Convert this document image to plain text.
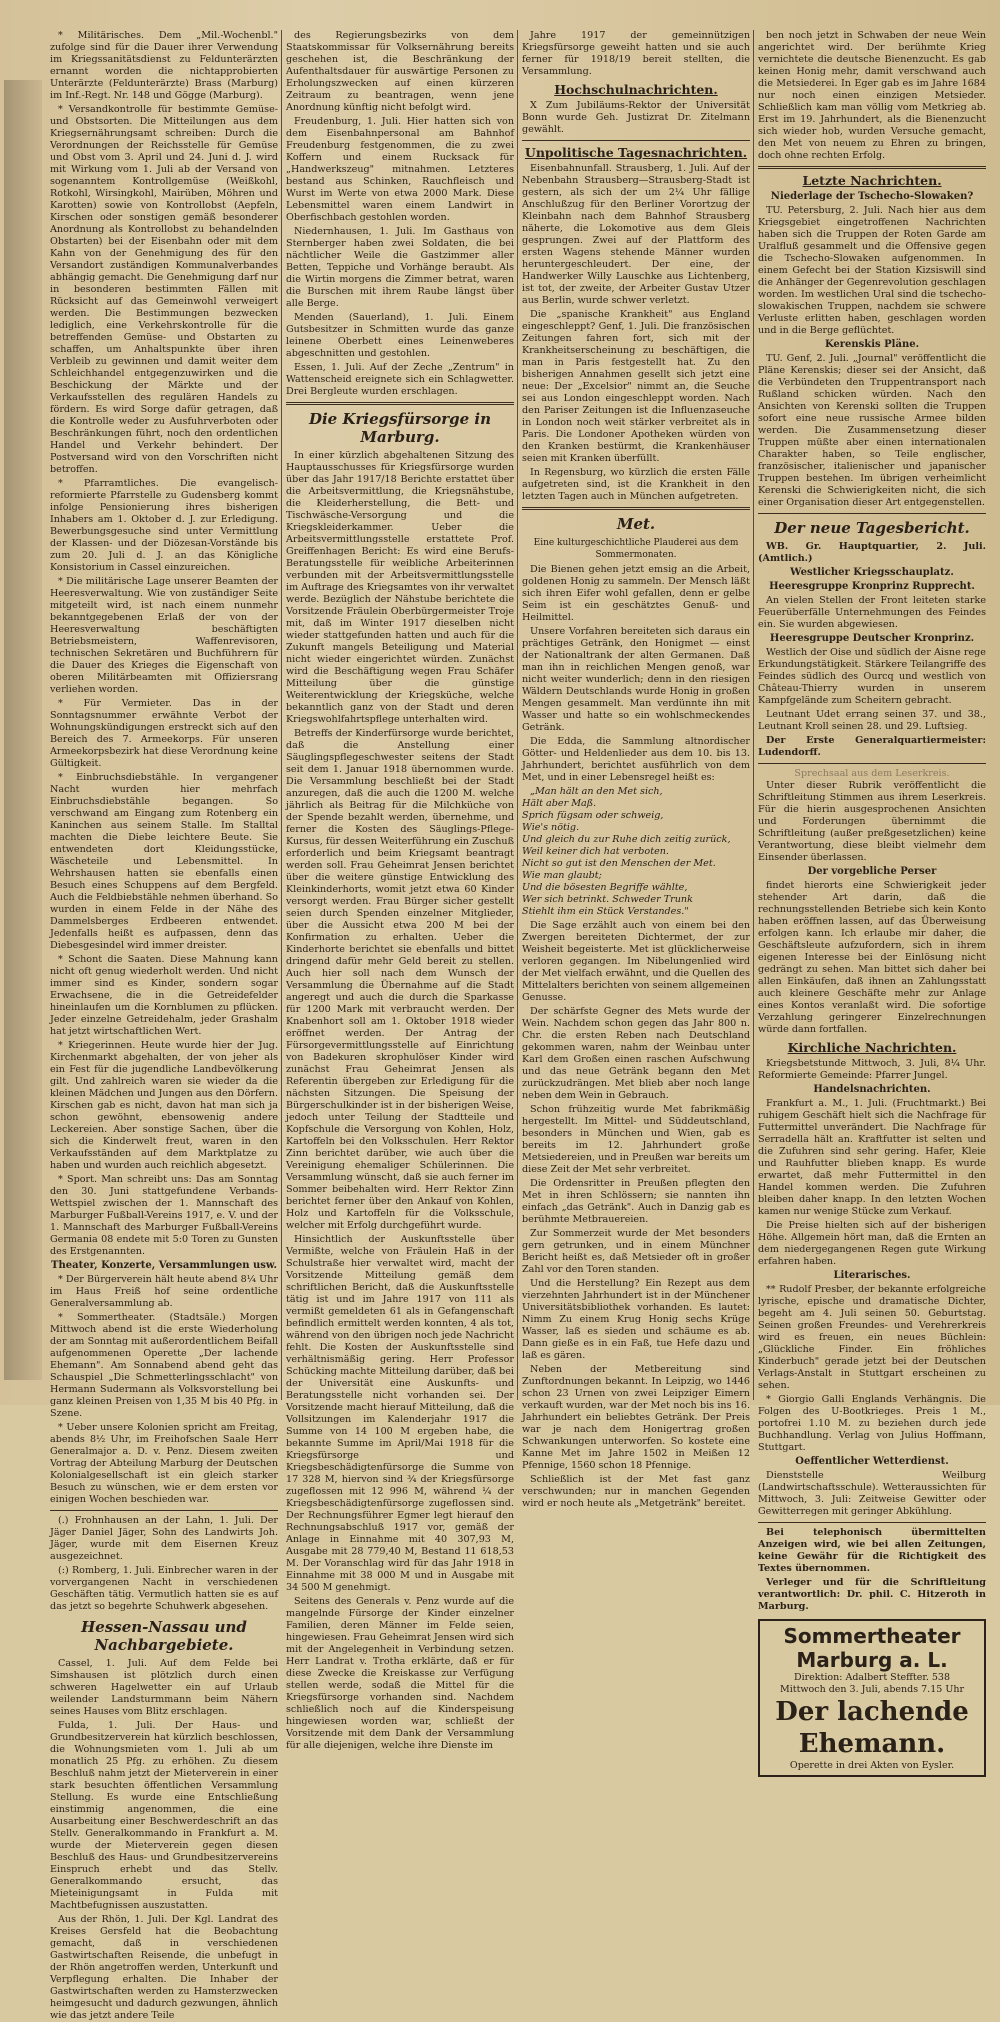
* Militärisches. Dem „Mil.-Wochenbl." zufolge sind für die Dauer ihrer Verwendung im Kriegssanitätsdienst zu Feldunterärzten ernannt worden die nichtapprobierten Unterärzte (Feldunterärzte) Brass (Marburg) im Inf.-Regt. Nr. 148 und Gögge (Marburg).

* Versandkontrolle für bestimmte Gemüse- und Obstsorten. Die Mitteilungen aus dem Kriegsernährungsamt schreiben: Durch die Verordnungen der Reichsstelle für Gemüse und Obst vom 3. April und 24. Juni d. J. wird mit Wirkung vom 1. Juli ab der Versand von sogenanntem Kontrollgemüse (Weißkohl, Rotkohl, Wirsingkohl, Mairüben, Möhren und Karotten) sowie von Kontrollobst (Aepfeln, Kirschen oder sonstigen gemäß besonderer Anordnung als Kontrollobst zu behandelnden Obstarten) bei der Eisenbahn oder mit dem Kahn von der Genehmigung des für den Versandort zuständigen Kommunalverbandes abhängig gemacht. Die Genehmigung darf nur in besonderen bestimmten Fällen mit Rücksicht auf das Gemeinwohl verweigert werden. Die Bestimmungen bezwecken lediglich, eine Verkehrskontrolle für die betreffenden Gemüse- und Obstarten zu schaffen, um Anhaltspunkte über ihren Verbleib zu gewinnen und damit weiter dem Schleichhandel entgegenzuwirken und die Beschickung der Märkte und der Verkaufsstellen des regulären Handels zu fördern. Es wird Sorge dafür getragen, daß die Kontrolle weder zu Ausfuhrverboten oder Beschränkungen führt, noch den ordentlichen Handel und Verkehr behindert. Der Postversand wird von den Vorschriften nicht betroffen.

* Pfarramtliches. Die evangelisch-reformierte Pfarrstelle zu Gudensberg kommt infolge Pensionierung ihres bisherigen Inhabers am 1. Oktober d. J. zur Erledigung. Bewerbungsgesuche sind unter Vermittlung der Klassen- und der Diözesan-Vorstände bis zum 20. Juli d. J. an das Königliche Konsistorium in Cassel einzureichen.

* Die militärische Lage unserer Beamten der Heeresverwaltung. Wie von zuständiger Seite mitgeteilt wird, ist nach einem nunmehr bekanntgegebenen Erlaß der von der Heeresverwaltung beschäftigten Betriebsmeistern, Waffenrevisoren, technischen Sekretären und Buchführern für die Dauer des Krieges die Eigenschaft von oberen Militärbeamten mit Offiziersrang verliehen worden.

* Für Vermieter. Das in der Sonntagsnummer erwähnte Verbot der Wohnungskündigungen erstreckt sich auf den Bereich des 7. Armeekorps. Für unseren Armeekorpsbezirk hat diese Verordnung keine Gültigkeit.

* Einbruchsdiebstähle. In vergangener Nacht wurden hier mehrfach Einbruchsdiebstähle begangen. So verschwand am Eingang zum Rotenberg ein Kaninchen aus seinem Stalle. Im Stalltal machten die Diebe leichtere Beute. Sie entwendeten dort Kleidungsstücke, Wäscheteile und Lebensmittel. In Wehrshausen hatten sie ebenfalls einen Besuch eines Schuppens auf dem Bergfeld. Auch die Feldbiebstähle nehmen überhand. So wurden in einem Felde in der Nähe des Dammelsberges Erdbeeren entwendet. Jedenfalls heißt es aufpassen, denn das Diebesgesindel wird immer dreister.

* Schont die Saaten. Diese Mahnung kann nicht oft genug wiederholt werden. Und nicht immer sind es Kinder, sondern sogar Erwachsene, die in die Getreidefelder hineinlaufen um die Kornblumen zu pflücken. Jeder einzelne Getreidehalm, jeder Grashalm hat jetzt wirtschaftlichen Wert.

* Kriegerinnen. Heute wurde hier der Jug. Kirchenmarkt abgehalten, der von jeher als ein Fest für die jugendliche Landbevölkerung gilt. Und zahlreich waren sie wieder da die kleinen Mädchen und Jungen aus den Dörfern. Kirschen gab es nicht, davon hat man sich ja schon gewöhnt, ebensowenig andere Leckereien. Aber sonstige Sachen, über die sich die Kinderwelt freut, waren in den Verkaufsständen auf dem Marktplatze zu haben und wurden auch reichlich abgesetzt.

* Sport. Man schreibt uns: Das am Sonntag den 30. Juni stattgefundene Verbands-Wettspiel zwischen der 1. Mannschaft des Marburger Fußball-Vereins 1917, e. V. und der 1. Mannschaft des Marburger Fußball-Vereins Germania 08 endete mit 5:0 Toren zu Gunsten des Erstgenannten.

Theater, Konzerte, Versammlungen usw.

* Der Bürgerverein hält heute abend 8¼ Uhr im Haus Freiß hof seine ordentliche Generalversammlung ab.

* Sommertheater. (Stadtsäle.) Morgen Mittwoch abend ist die erste Wiederholung der am Sonntag mit außerordentlichem Beifall aufgenommenen Operette „Der lachende Ehemann". Am Sonnabend abend geht das Schauspiel „Die Schmetterlingsschlacht" von Hermann Sudermann als Volksvorstellung bei ganz kleinen Preisen von 1,35 M bis 40 Pfg. in Szene.

* Ueber unsere Kolonien spricht am Freitag, abends 8½ Uhr, im Freihofschen Saale Herr Generalmajor a. D. v. Penz. Diesem zweiten Vortrag der Abteilung Marburg der Deutschen Kolonialgesellschaft ist ein gleich starker Besuch zu wünschen, wie er dem ersten vor einigen Wochen beschieden war.

(.) Frohnhausen an der Lahn, 1. Juli. Der Jäger Daniel Jäger, Sohn des Landwirts Joh. Jäger, wurde mit dem Eisernen Kreuz ausgezeichnet.

(:) Romberg, 1. Juli. Einbrecher waren in der vorvergangenen Nacht in verschiedenen Geschäften tätig. Vermutlich hatten sie es auf das jetzt so begehrte Schuhwerk abgesehen.

Hessen-Nassau und Nachbargebiete.

Cassel, 1. Juli. Auf dem Felde bei Simshausen ist plötzlich durch einen schweren Hagelwetter ein auf Urlaub weilender Landsturmmann beim Nähern seines Hauses vom Blitz erschlagen.

Fulda, 1. Juli. Der Haus- und Grundbesitzerverein hat kürzlich beschlossen, die Wohnungsmieten vom 1. Juli ab um monatlich 25 Pfg. zu erhöhen. Zu diesem Beschluß nahm jetzt der Mieterverein in einer stark besuchten öffentlichen Versammlung Stellung. Es wurde eine Entschließung einstimmig angenommen, die eine Ausarbeitung einer Beschwerdeschrift an das Stellv. Generalkommando in Frankfurt a. M. wurde der Mieterverein gegen diesen Beschluß des Haus- und Grundbesitzervereins Einspruch erhebt und das Stellv. Generalkommando ersucht, das Mieteinigungsamt in Fulda mit Machtbefugnissen auszustatten.

Aus der Rhön, 1. Juli. Der Kgl. Landrat des Kreises Gersfeld hat die Beobachtung gemacht, daß in verschiedenen Gastwirtschaften Reisende, die unbefugt in der Rhön angetroffen werden, Unterkunft und Verpflegung erhalten. Die Inhaber der Gastwirtschaften werden zu Hamsterzwecken heimgesucht und dadurch gezwungen, ähnlich wie das jetzt andere Teile

des Regierungsbezirks von dem Staatskommissar für Volksernährung bereits geschehen ist, die Beschränkung der Aufenthaltsdauer für auswärtige Personen zu Erholungszwecken auf einen kürzeren Zeitraum zu beantragen, wenn jene Anordnung künftig nicht befolgt wird.

Freudenburg, 1. Juli. Hier hatten sich von dem Eisenbahnpersonal am Bahnhof Freudenburg festgenommen, die zu zwei Koffern und einem Rucksack für „Handwerkszeug" mitnahmen. Letzteres bestand aus Schinken, Rauchfleisch und Wurst im Werte von etwa 2000 Mark. Diese Lebensmittel waren einem Landwirt in Oberfischbach gestohlen worden.

Niedernhausen, 1. Juli. Im Gasthaus von Sternberger haben zwei Soldaten, die bei nächtlicher Weile die Gastzimmer aller Betten, Teppiche und Vorhänge beraubt. Als die Wirtin morgens die Zimmer betrat, waren die Burschen mit ihrem Raube längst über alle Berge.

Menden (Sauerland), 1. Juli. Einem Gutsbesitzer in Schmitten wurde das ganze leinene Oberbett eines Leinenweberes abgeschnitten und gestohlen.

Essen, 1. Juli. Auf der Zeche „Zentrum" in Wattenscheid ereignete sich ein Schlagwetter. Drei Bergleute wurden erschlagen.

Die Kriegsfürsorge in Marburg.

In einer kürzlich abgehaltenen Sitzung des Hauptausschusses für Kriegsfürsorge wurden über das Jahr 1917/18 Berichte erstattet über die Arbeitsvermittlung, die Kriegsnähstube, die Kleiderherstellung, die Bett- und Tischwäsche-Versorgung und die Kriegskleiderkammer. Ueber die Arbeitsvermittlungsstelle erstattete Prof. Greiffenhagen Bericht: Es wird eine Berufs-Beratungsstelle für weibliche Arbeiterinnen verbunden mit der Arbeitsvermittlungsstelle im Auftrage des Kriegsamtes von ihr verwaltet werde. Bezüglich der Nähstube berichtete die Vorsitzende Fräulein Oberbürgermeister Troje mit, daß im Winter 1917 dieselben nicht wieder stattgefunden hatten und auch für die Zukunft mangels Beteiligung und Material nicht wieder eingerichtet würden. Zunächst wird die Beschäftigung wegen Frau Schäfer Mitteilung über die günstige Weiterentwicklung der Kriegsküche, welche bekanntlich ganz von der Stadt und deren Kriegswohlfahrtspflege unterhalten wird.

Betreffs der Kinderfürsorge wurde berichtet, daß die Anstellung einer Säuglingspflegeschwester seitens der Stadt seit dem 1. Januar 1918 übernommen wurde. Die Versammlung beschließt bei der Stadt anzuregen, daß die auch die 1200 M. welche jährlich als Beitrag für die Milchküche von der Spende bezahlt werden, übernehme, und ferner die Kosten des Säuglings-Pflege-Kursus, für dessen Weiterführung ein Zuschuß erforderlich und beim Kriegsamt beantragt werden soll. Frau Geheimrat Jensen berichtet über die weitere günstige Entwicklung des Kleinkinderhorts, womit jetzt etwa 60 Kinder versorgt werden. Frau Bürger sicher gestellt seien durch Spenden einzelner Mitglieder, über die Aussicht etwa 200 M bei der Konfirmation zu erhalten. Ueber die Kinderhorte berichtet sie ebenfalls und bittet dringend dafür mehr Geld bereit zu stellen. Auch hier soll nach dem Wunsch der Versammlung die Übernahme auf die Stadt angeregt und auch die durch die Sparkasse für 1200 Mark mit verbraucht werden. Der Knabenhort soll am 1. Oktober 1918 wieder eröffnet werden. Der Antrag der Fürsorgevermittlungsstelle auf Einrichtung von Badekuren skrophulöser Kinder wird zunächst Frau Geheimrat Jensen als Referentin übergeben zur Erledigung für die nächsten Sitzungen. Die Speisung der Bürgerschulkinder ist in der bisherigen Weise, jedoch unter Teilung der Stadtteile und Kopfschule die Versorgung von Kohlen, Holz, Kartoffeln bei den Volksschulen. Herr Rektor Zinn berichtet darüber, wie auch über die Vereinigung ehemaliger Schülerinnen. Die Versammlung wünscht, daß sie auch ferner im Sommer beibehalten wird. Herr Rektor Zinn berichtet ferner über den Ankauf von Kohlen, Holz und Kartoffeln für die Volksschule, welcher mit Erfolg durchgeführt wurde.

Hinsichtlich der Auskunftsstelle über Vermißte, welche von Fräulein Haß in der Schulstraße hier verwaltet wird, macht der Vorsitzende Mitteilung gemäß dem schriftlichen Bericht, daß die Auskunftsstelle tätig ist und im Jahre 1917 von 111 als vermißt gemeldeten 61 als in Gefangenschaft befindlich ermittelt werden konnten, 4 als tot, während von den übrigen noch jede Nachricht fehlt. Die Kosten der Auskunftsstelle sind verhältnismäßig gering. Herr Professor Schücking machte Mitteilung darüber, daß bei der Universität eine Auskunfts- und Beratungsstelle nicht vorhanden sei. Der Vorsitzende macht hierauf Mitteilung, daß die Vollsitzungen im Kalenderjahr 1917 die Summe von 14 100 M ergeben habe, die bekannte Summe im April/Mai 1918 für die Kriegsfürsorge und Kriegsbeschädigtenfürsorge die Summe von 17 328 M, hiervon sind ¾ der Kriegsfürsorge zugeflossen mit 12 996 M, während ¼ der Kriegsbeschädigtenfürsorge zugeflossen sind. Der Rechnungsführer Egmer legt hierauf den Rechnungsabschluß 1917 vor, gemäß der Anlage in Einnahme mit 40 307,93 M, Ausgabe mit 28 779,40 M, Bestand 11 618,53 M. Der Voranschlag wird für das Jahr 1918 in Einnahme mit 38 000 M und in Ausgabe mit 34 500 M genehmigt.

Seitens des Generals v. Penz wurde auf die mangelnde Fürsorge der Kinder einzelner Familien, deren Männer im Felde seien, hingewiesen. Frau Geheimrat Jensen wird sich mit der Angelegenheit in Verbindung setzen. Herr Landrat v. Trotha erklärte, daß er für diese Zwecke die Kreiskasse zur Verfügung stellen werde, sodaß die Mittel für die Kriegsfürsorge vorhanden sind. Nachdem schließlich noch auf die Kinderspeisung hingewiesen worden war, schließt der Vorsitzende mit dem Dank der Versammlung für alle diejenigen, welche ihre Dienste im

Jahre 1917 der gemeinnützigen Kriegsfürsorge geweiht hatten und sie auch ferner für 1918/19 bereit stellten, die Versammlung.

Hochschulnachrichten.

X Zum Jubiläums-Rektor der Universität Bonn wurde Geh. Justizrat Dr. Zitelmann gewählt.

Unpolitische Tagesnachrichten.

Eisenbahnunfall. Strausberg, 1. Juli. Auf der Nebenbahn Strausberg—Strausberg-Stadt ist gestern, als sich der um 2¼ Uhr fällige Anschlußzug für den Berliner Vorortzug der Kleinbahn nach dem Bahnhof Strausberg näherte, die Lokomotive aus dem Gleis gesprungen. Zwei auf der Plattform des ersten Wagens stehende Männer wurden heruntergeschleudert. Der eine, der Handwerker Willy Lauschke aus Lichtenberg, ist tot, der zweite, der Arbeiter Gustav Utzer aus Berlin, wurde schwer verletzt.

Die „spanische Krankheit" aus England eingeschleppt? Genf, 1. Juli. Die französischen Zeitungen fahren fort, sich mit der Krankheitserscheinung zu beschäftigen, die man in Paris festgestellt hat. Zu den bisherigen Annahmen gesellt sich jetzt eine neue: Der „Excelsior" nimmt an, die Seuche sei aus London eingeschleppt worden. Nach den Pariser Zeitungen ist die Influenzaseuche in London noch weit stärker verbreitet als in Paris. Die Londoner Apotheken würden von den Kranken bestürmt, die Krankenhäuser seien mit Kranken überfüllt.

In Regensburg, wo kürzlich die ersten Fälle aufgetreten sind, ist die Krankheit in den letzten Tagen auch in München aufgetreten.

Met.
Eine kulturgeschichtliche Plauderei aus dem Sommermonaten.

Die Bienen gehen jetzt emsig an die Arbeit, goldenen Honig zu sammeln. Der Mensch läßt sich ihren Eifer wohl gefallen, denn er gelbe Seim ist ein geschätztes Genuß- und Heilmittel.

Unsere Vorfahren bereiteten sich daraus ein prächtiges Getränk, den Honigmet — einst der Nationaltrank der alten Germanen. Daß man ihn in reichlichen Mengen genoß, war nicht weiter wunderlich; denn in den riesigen Wäldern Deutschlands wurde Honig in großen Mengen gesammelt. Man verdünnte ihn mit Wasser und hatte so ein wohlschmeckendes Getränk.

Die Edda, die Sammlung altnordischer Götter- und Heldenlieder aus dem 10. bis 13. Jahrhundert, berichtet ausführlich von dem Met, und in einer Lebensregel heißt es:

„Man hält an den Met sich,
Hält aber Maß.
Sprich fügsam oder schweig,
Wie's nötig.
Und gleich du zur Ruhe dich zeitig zurück,
Weil keiner dich hat verboten.
Nicht so gut ist den Menschen der Met.
Wie man glaubt;
Und die bösesten Begriffe wählte,
Wer sich betrinkt. Schweder Trunk
Stiehlt ihm ein Stück Verstandes."

Die Sage erzählt auch von einem bei den Zwergen bereiteten Dichtermet, der zur Weisheit begeisterte. Met ist glücklicherweise verloren gegangen. Im Nibelungenlied wird der Met vielfach erwähnt, und die Quellen des Mittelalters berichten von seinem allgemeinen Genusse.

Der schärfste Gegner des Mets wurde der Wein. Nachdem schon gegen das Jahr 800 n. Chr. die ersten Reben nach Deutschland gekommen waren, nahm der Weinbau unter Karl dem Großen einen raschen Aufschwung und das neue Getränk begann den Met zurückzudrängen. Met blieb aber noch lange neben dem Wein in Gebrauch.

Schon frühzeitig wurde Met fabrikmäßig hergestellt. Im Mittel- und Süddeutschland, besonders in München und Wien, gab es bereits im 12. Jahrhundert große Metsiedereien, und in Preußen war bereits um diese Zeit der Met sehr verbreitet.

Die Ordensritter in Preußen pflegten den Met in ihren Schlössern; sie nannten ihn einfach „das Getränk". Auch in Danzig gab es berühmte Metbrauereien.

Zur Sommerzeit wurde der Met besonders gern getrunken, und in einem Münchner Bericht heißt es, daß Metsieder oft in großer Zahl vor den Toren standen.

Und die Herstellung? Ein Rezept aus dem vierzehnten Jahrhundert ist in der Münchener Universitätsbibliothek vorhanden. Es lautet: Nimm Zu einem Krug Honig sechs Krüge Wasser, laß es sieden und schäume es ab. Dann gieße es in ein Faß, tue Hefe dazu und laß es gären.

Neben der Metbereitung sind Zunftordnungen bekannt. In Leipzig, wo 1446 schon 23 Urnen von zwei Leipziger Eimern verkauft wurden, war der Met noch bis ins 16. Jahrhundert ein beliebtes Getränk. Der Preis war je nach dem Honigertrag großen Schwankungen unterworfen. So kostete eine Kanne Met im Jahre 1502 in Meißen 12 Pfennige, 1560 schon 18 Pfennige.

Schließlich ist der Met fast ganz verschwunden; nur in manchen Gegenden wird er noch heute als „Metgetränk" bereitet.

ben noch jetzt in Schwaben der neue Wein angerichtet wird. Der berühmte Krieg vernichtete die deutsche Bienenzucht. Es gab keinen Honig mehr, damit verschwand auch die Metsiederei. In Eger gab es im Jahre 1684 nur noch einen einzigen Metsieder. Schließlich kam man völlig vom Metkrieg ab. Erst im 19. Jahrhundert, als die Bienenzucht sich wieder hob, wurden Versuche gemacht, den Met von neuem zu Ehren zu bringen, doch ohne rechten Erfolg.

Letzte Nachrichten.
Niederlage der Tschecho-Slowaken?

TU. Petersburg, 2. Juli. Nach hier aus dem Kriegsgebiet eingetroffenen Nachrichten haben sich die Truppen der Roten Garde am Uralfluß gesammelt und die Offensive gegen die Tschecho-Slowaken aufgenommen. In einem Gefecht bei der Station Kizsiswill sind die Anhänger der Gegenrevolution geschlagen worden. Im westlichen Ural sind die tschecho-slowakischen Truppen, nachdem sie schwere Verluste erlitten haben, geschlagen worden und in die Berge geflüchtet.

Kerenskis Pläne.

TU. Genf, 2. Juli. „Journal" veröffentlicht die Pläne Kerenskis; dieser sei der Ansicht, daß die Verbündeten den Truppentransport nach Rußland schicken würden. Nach den Ansichten von Kerenski sollten die Truppen sofort eine neue russische Armee bilden werden. Die Zusammensetzung dieser Truppen müßte aber einen internationalen Charakter haben, so Teile englischer, französischer, italienischer und japanischer Truppen bestehen. Im übrigen verheimlicht Kerenski die Schwierigkeiten nicht, die sich einer Organisation dieser Art entgegenstellen.

Der neue Tagesbericht.

WB. Gr. Hauptquartier, 2. Juli. (Amtlich.)

Westlicher Kriegsschauplatz.
Heeresgruppe Kronprinz Rupprecht.

An vielen Stellen der Front leiteten starke Feuerüberfälle Unternehmungen des Feindes ein. Sie wurden abgewiesen.

Heeresgruppe Deutscher Kronprinz.

Westlich der Oise und südlich der Aisne rege Erkundungstätigkeit. Stärkere Teilangriffe des Feindes südlich des Ourcq und westlich von Château-Thierry wurden in unserem Kampfgelände zum Scheitern gebracht.

Leutnant Udet errang seinen 37. und 38., Leutnant Kroll seinen 28. und 29. Luftsieg.

Der Erste Generalquartiermeister: Ludendorff.

Sprechsaal aus dem Leserkreis.

Unter dieser Rubrik veröffentlicht die Schriftleitung Stimmen aus ihrem Leserkreis. Für die hierin ausgesprochenen Ansichten und Forderungen übernimmt die Schriftleitung (außer preßgesetzlichen) keine Verantwortung, diese bleibt vielmehr dem Einsender überlassen.

Der vorgebliche Perser

findet hierorts eine Schwierigkeit jeder stehender Art darin, daß die rechnungsstellenden Betriebe sich kein Konto haben eröffnen lassen, auf das Überweisung erfolgen kann. Ich erlaube mir daher, die Geschäftsleute aufzufordern, sich in ihrem eigenen Interesse bei der Einlösung nicht gedrängt zu sehen. Man bittet sich daher bei allen Einkäufen, daß ihnen an Zahlungsstatt auch kleinere Geschäfte mehr zur Anlage eines Kontos veranlaßt wird. Die sofortige Verzahlung geringerer Einzelrechnungen würde dann fortfallen.

Kirchliche Nachrichten.

Kriegsbetstunde Mittwoch, 3. Juli, 8¼ Uhr. Reformierte Gemeinde: Pfarrer Jungel.

Handelsnachrichten.

Frankfurt a. M., 1. Juli. (Fruchtmarkt.) Bei ruhigem Geschäft hielt sich die Nachfrage für Futtermittel unverändert. Die Nachfrage für Serradella hält an. Kraftfutter ist selten und die Zufuhren sind sehr gering. Hafer, Kleie und Rauhfutter blieben knapp. Es wurde erwartet, daß mehr Futtermittel in den Handel kommen werden. Die Zufuhren bleiben daher knapp. In den letzten Wochen kamen nur wenige Stücke zum Verkauf.

Die Preise hielten sich auf der bisherigen Höhe. Allgemein hört man, daß die Ernten an dem niedergegangenen Regen gute Wirkung erfahren haben.

Literarisches.

** Rudolf Presber, der bekannte erfolgreiche lyrische, epische und dramatische Dichter, begeht am 4. Juli seinen 50. Geburtstag. Seinen großen Freundes- und Verehrerkreis wird es freuen, ein neues Büchlein: „Glückliche Finder. Ein fröhliches Kinderbuch" gerade jetzt bei der Deutschen Verlags-Anstalt in Stuttgart erscheinen zu sehen.

* Giorgio Galli Englands Verhängnis. Die Folgen des U-Bootkrieges. Preis 1 M., portofrei 1.10 M. zu beziehen durch jede Buchhandlung. Verlag von Julius Hoffmann, Stuttgart.

Oeffentlicher Wetterdienst.

Dienststelle Weilburg (Landwirtschaftsschule). Wetteraussichten für Mittwoch, 3. Juli: Zeitweise Gewitter oder Gewitterregen mit geringer Abkühlung.

Bei telephonisch übermittelten Anzeigen wird, wie bei allen Zeitungen, keine Gewähr für die Richtigkeit des Textes übernommen.

Verleger und für die Schriftleitung verantwortlich: Dr. phil. C. Hitzeroth in Marburg.

Sommertheater Marburg a. L.
Direktion: Adalbert Steffter. 538
Mittwoch den 3. Juli, abends 7.15 Uhr
Der lachende Ehemann.
Operette in drei Akten von Eysler.
